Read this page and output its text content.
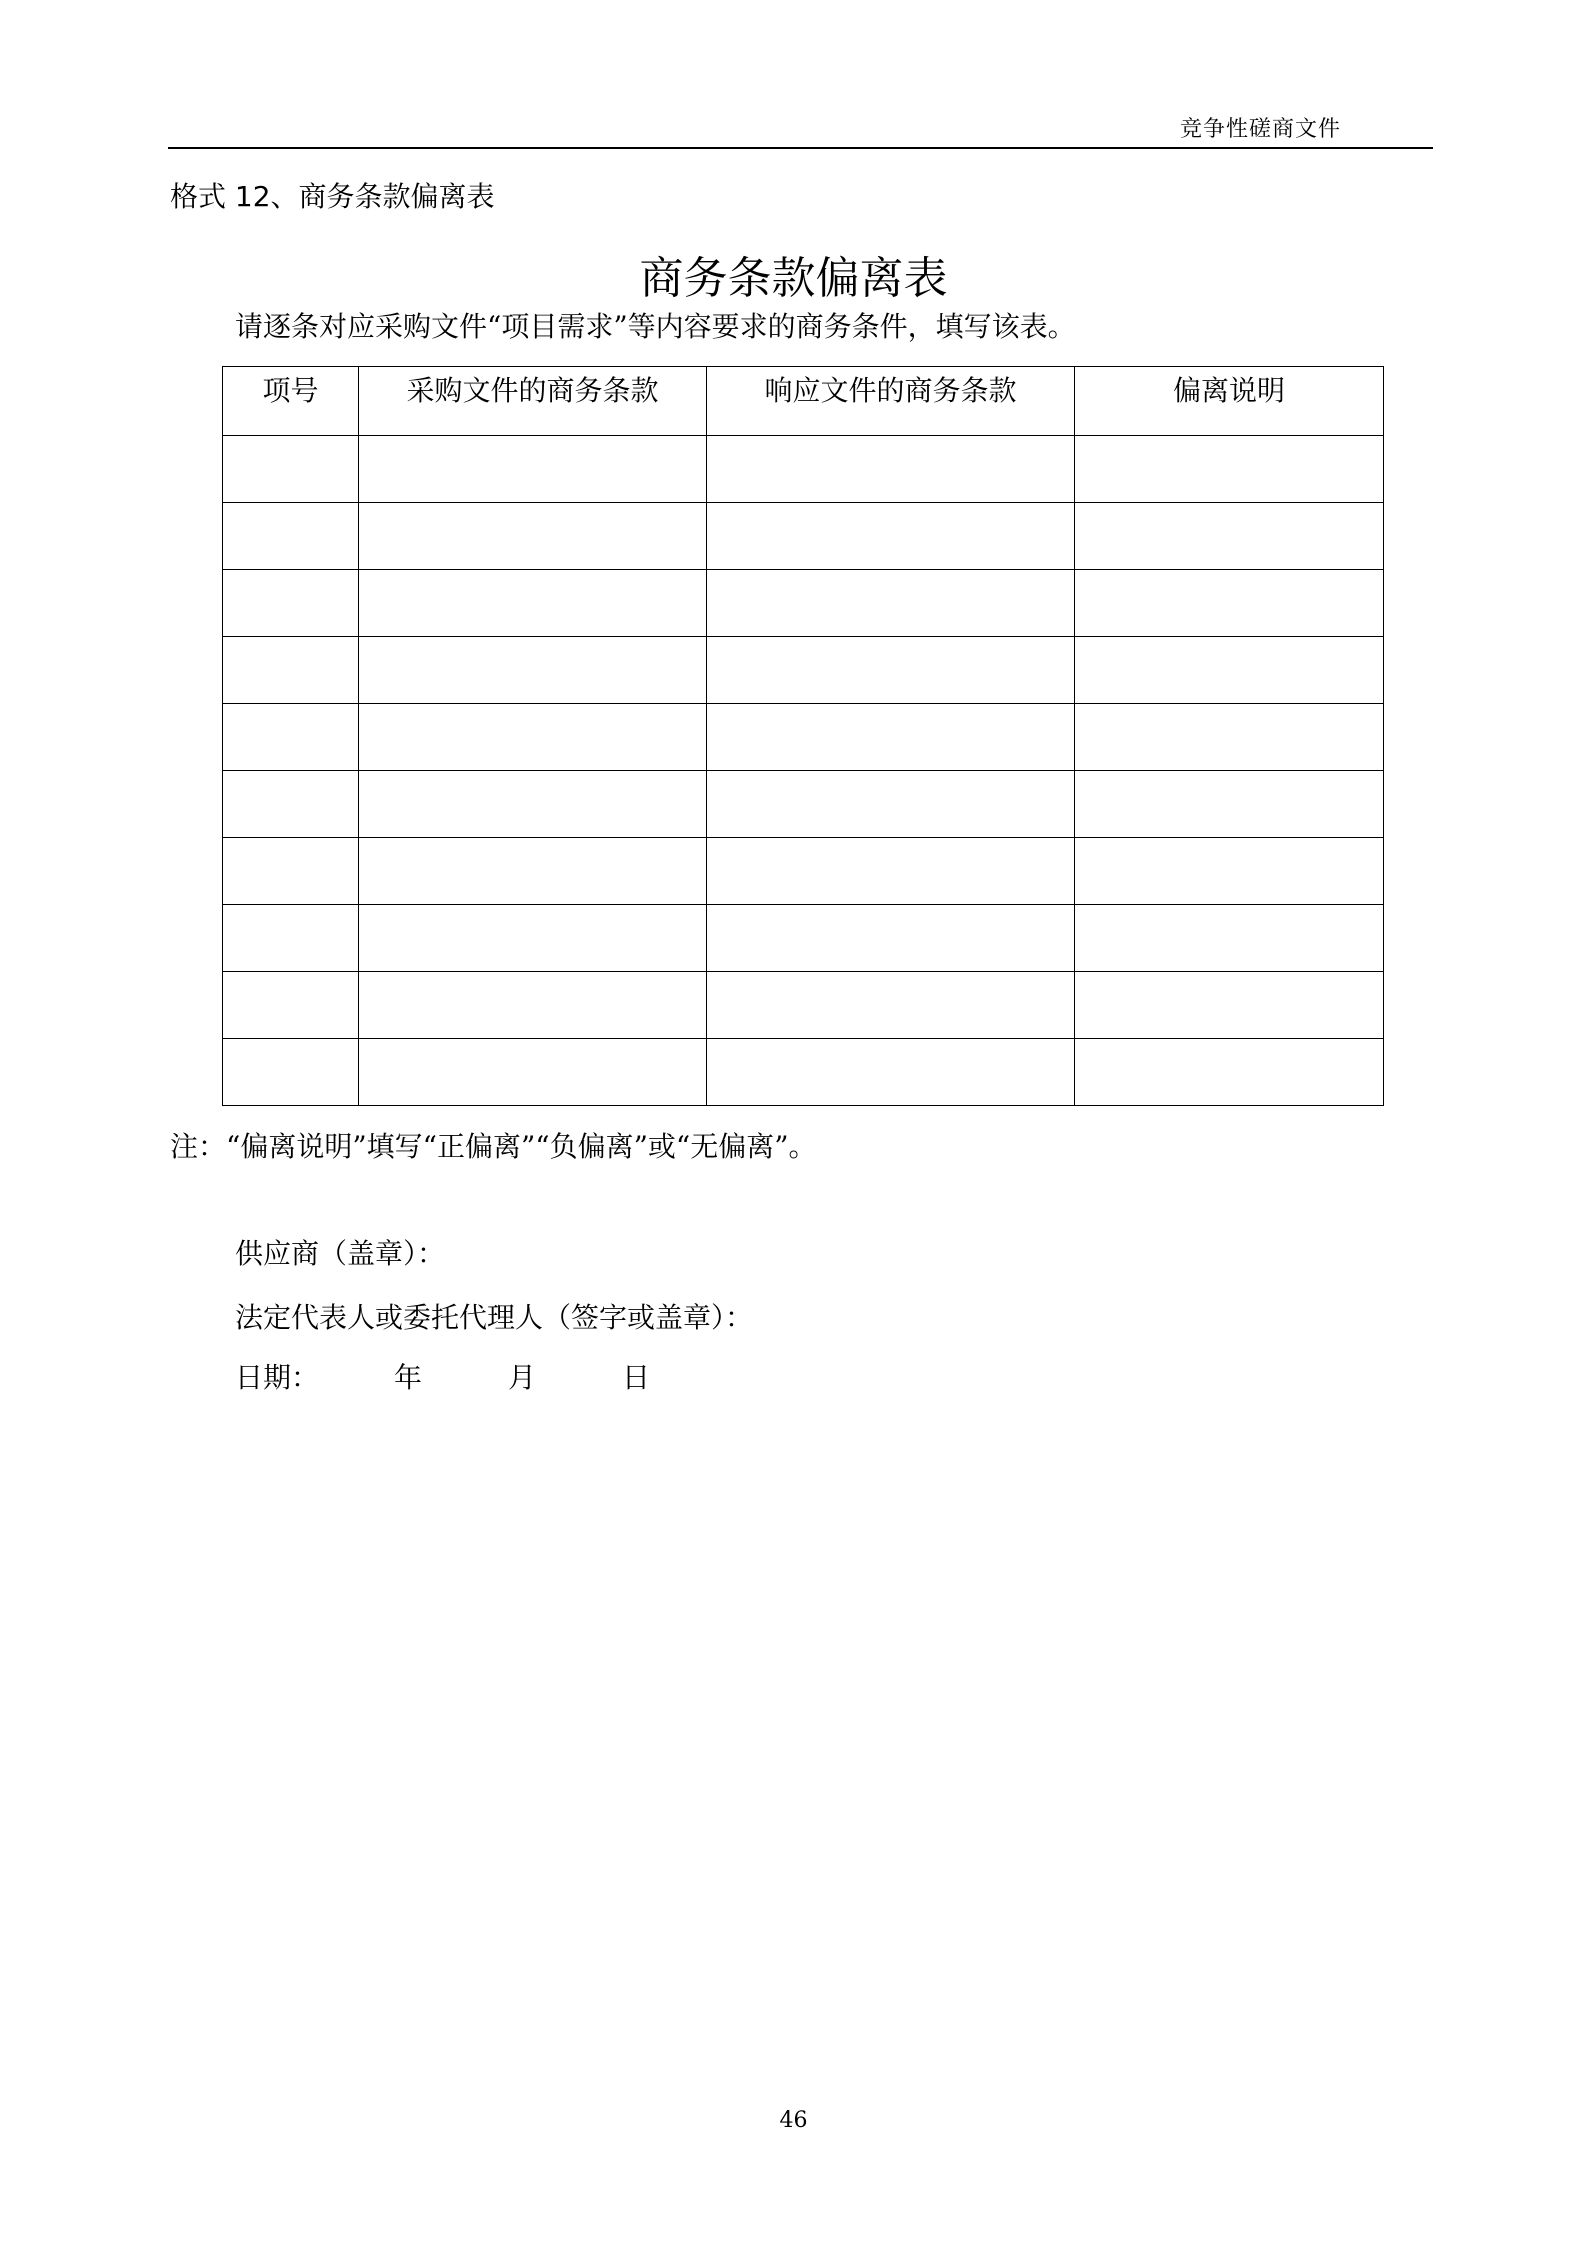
竞争性磋商文件
格式 12、商务条款偏离表
商务条款偏离表
请逐条对应采购文件“项目需求”等内容要求的商务条件，填写该表。
项号	采购文件的商务条款	响应文件的商务条款	偏离说明

注：“偏离说明”填写“正偏离”“负偏离”或“无偏离”。
供应商（盖章）：
法定代表人或委托代理人（签字或盖章）：
日期：	年	月	日
46
